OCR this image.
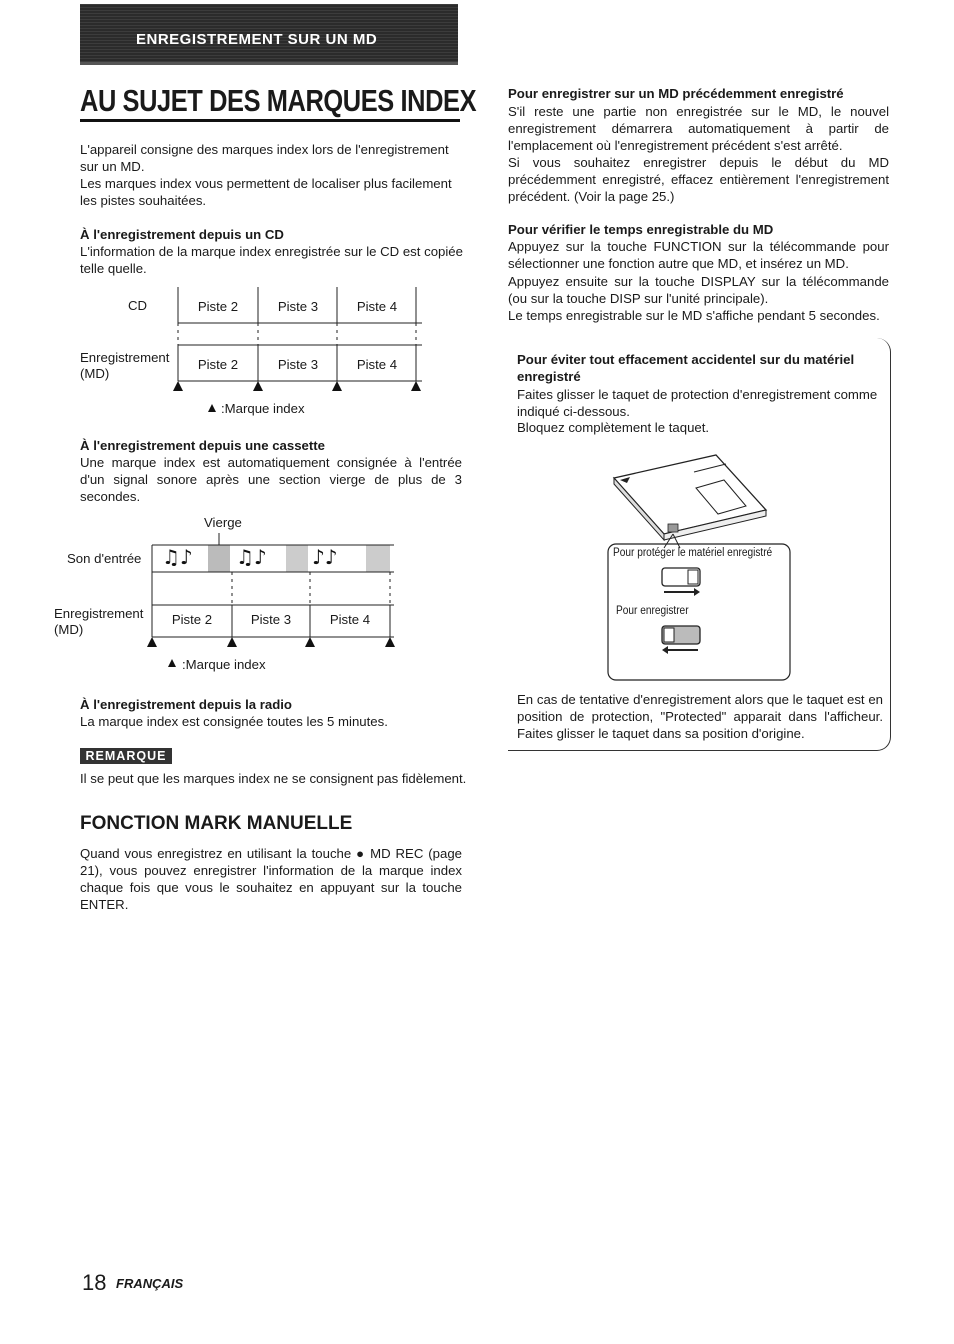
ENREGISTREMENT SUR UN MD
AU SUJET DES MARQUES INDEX
L'appareil consigne des marques index lors de l'enregistrement sur un MD.
Les marques index vous permettent de localiser plus facilement les pistes souhaitées.
À l'enregistrement depuis un CD
L'information de la marque index enregistrée sur le CD est copiée telle quelle.
CD
Enregistrement
(MD)
Piste 2	Piste 3	Piste 4
Piste 2	Piste 3	Piste 4
:Marque index
À l'enregistrement depuis une cassette
Une marque index est automatiquement consignée à l'entrée d'un signal sonore après une section vierge de plus de 3 secondes.
Vierge
Son d'entrée
Enregistrement
(MD)
♫♪ ♫♪ ♪♪
Piste 2	Piste 3	Piste 4
:Marque index
À l'enregistrement depuis la radio
La marque index est consignée toutes les 5 minutes.
REMARQUE
Il se peut que les marques index ne se consignent pas fidèlement.
FONCTION MARK MANUELLE
Quand vous enregistrez en utilisant la touche ● MD REC (page 21), vous pouvez enregistrer l'information de la marque index chaque fois que vous le souhaitez en appuyant sur la touche ENTER.
Pour enregistrer sur un MD précédemment enregistré
S'il reste une partie non enregistrée sur le MD, le nouvel enregistrement démarrera automatiquement à partir de l'emplacement où l'enregistrement précédent s'est arrêté.
Si vous souhaitez enregistrer depuis le début du MD précédemment enregistré, effacez entièrement l'enregistrement précédent. (Voir la page 25.)
Pour vérifier le temps enregistrable du MD
Appuyez sur la touche FUNCTION sur la télécommande pour sélectionner une fonction autre que MD, et insérez un MD.
Appuyez ensuite sur la touche DISPLAY sur la télécommande (ou sur la touche DISP sur l'unité principale).
Le temps enregistrable sur le MD s'affiche pendant 5 secondes.
Pour éviter tout effacement accidentel sur du matériel enregistré
Faites glisser le taquet de protection d'enregistrement comme indiqué ci-dessous.
Bloquez complètement le taquet.
Pour protéger le matériel enregistré
Pour enregistrer
En cas de tentative d'enregistrement alors que le taquet est en position de protection, "Protected" apparait dans l'afficheur. Faites glisser le taquet dans sa position d'origine.
18 FRANÇAIS
